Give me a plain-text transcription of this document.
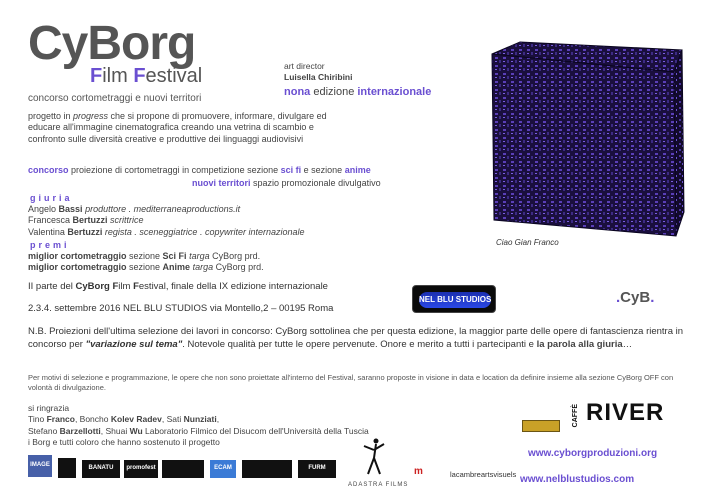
CyBorg
Film Festival
concorso cortometraggi e nuovi territori
art director
Luisella Chiribini
nona edizione internazionale
Ciao Gian Franco
progetto in progress che si propone di promuovere, informare, divulgare ed educare all'immagine cinematografica creando una vetrina di scambio e confronto sulle diversità creative e produttive dei linguaggi audiovisivi
concorso proiezione di cortometraggi in competizione sezione sci fi e sezione anime
nuovi territori spazio promozionale divulgativo
giuria
Angelo Bassi produttore . mediterraneaproductions.it
Francesca Bertuzzi scrittrice
Valentina Bertuzzi regista . sceneggiatrice . copywriter internazionale
premi
miglior cortometraggio sezione Sci Fi targa CyBorg prd.
miglior cortometraggio sezione Anime targa CyBorg prd.
II parte del CyBorg Film Festival, finale della IX edizione internazionale
2.3.4. settembre 2016 NEL BLU STUDIOS via Montello,2 – 00195 Roma
NEL BLU STUDIOS	.CyB.
N.B. Proiezioni dell'ultima selezione dei lavori in concorso: CyBorg sottolinea che per questa edizione, la maggior parte delle opere di fantascienza rientra in concorso per "variazione sul tema". Notevole qualità per tutte le opere pervenute. Onore e merito a tutti i partecipanti e la parola alla giuria…
Per motivi di selezione e programmazione, le opere che non sono proiettate all'interno del Festival, saranno proposte in visione in data e location da definire insieme alla sezione CyBorg OFF con volontà di divulgazione.
si ringrazia
Tino Franco, Boncho Kolev Radev, Sati Nunziati,
Stefano Barzellotti, Shuai Wu Laboratorio Filmico del Disucom dell'Università della Tuscia
i Borg e tutti coloro che hanno sostenuto il progetto
www.cyborgproduzioni.org
www.nelblustudios.com
CAFFÈ RIVER
IMAGE	BANATU	promofest	ECAM	FURM
ADASTRA FILMS
m	lacambreartsvisuels
